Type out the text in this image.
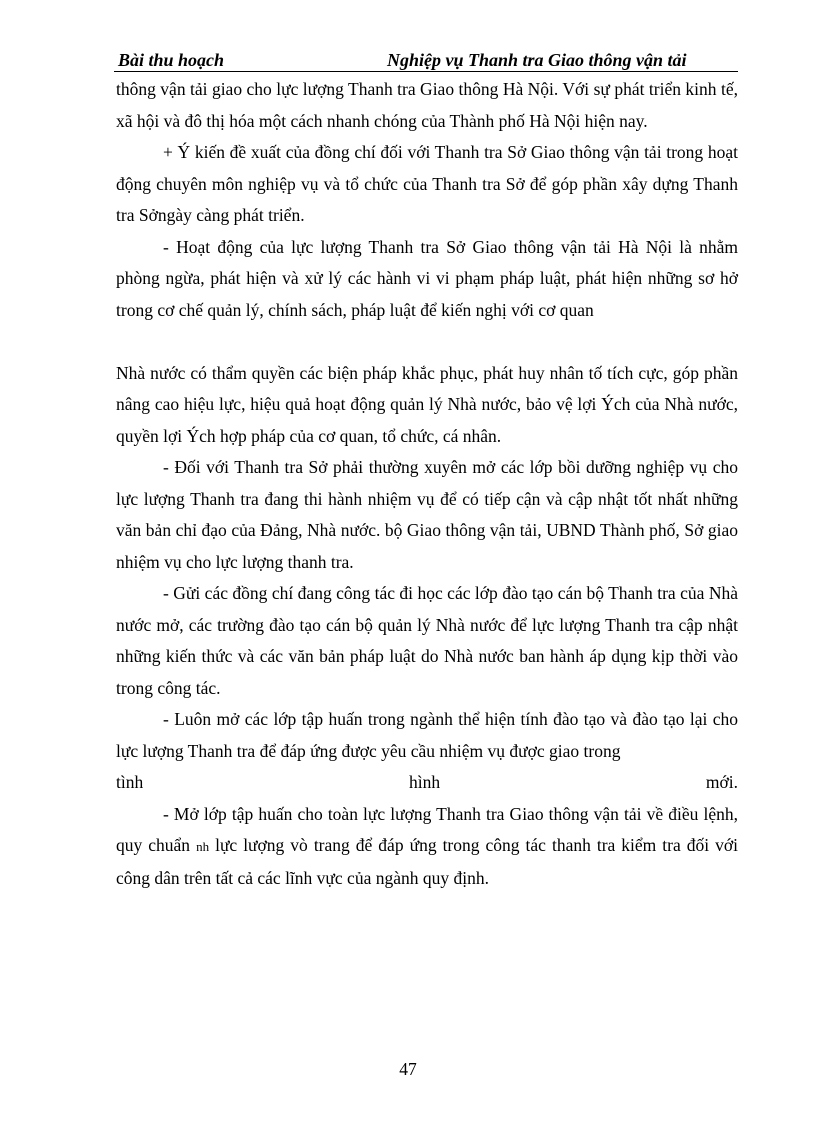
Bài thu hoạch	Nghiệp vụ Thanh tra Giao thông vận tải

thông vận tải giao cho lực lượng Thanh tra Giao thông Hà Nội. Với sự phát triển kinh tế, xã hội và đô thị hóa một cách nhanh chóng của Thành phố Hà Nội hiện nay.

+ Ý kiến đề xuất của đồng chí đối với Thanh tra Sở Giao thông vận tải trong hoạt động chuyên môn nghiệp vụ và tổ chức của Thanh tra Sở để góp phần xây dựng Thanh tra Sởngày càng phát triển.

- Hoạt động của lực lượng Thanh tra Sở Giao thông vận tải Hà Nội là nhằm phòng ngừa, phát hiện và xử lý các hành vi vi phạm pháp luật, phát hiện những sơ hở trong cơ chế quản lý, chính sách, pháp luật để kiến nghị với cơ quan

Nhà nước có thẩm quyền các biện pháp khắc phục, phát huy nhân tố tích cực, góp phần nâng cao hiệu lực, hiệu quả hoạt động quản lý Nhà nước, bảo vệ lợi Ých của Nhà nước, quyền lợi Ých hợp pháp của cơ quan, tổ chức, cá nhân.

- Đối với Thanh tra Sở phải thường xuyên mở các lớp bồi dưỡng nghiệp vụ cho lực lượng Thanh tra đang thi hành nhiệm vụ để có tiếp cận và cập nhật tốt nhất những văn bản chỉ đạo của Đảng, Nhà nước. bộ Giao thông vận tải, UBND Thành phố, Sở giao nhiệm vụ cho lực lượng thanh tra.

- Gửi các đồng chí đang công tác đi học các lớp đào tạo cán bộ Thanh tra của Nhà nước mở, các trường đào tạo cán bộ quản lý Nhà nước để lực lượng Thanh tra cập nhật những kiến thức và các văn bản pháp luật do Nhà nước ban hành áp dụng kịp thời vào trong công tác.

- Luôn mở các lớp tập huấn trong ngành thể hiện tính đào tạo và đào tạo lại cho lực lượng Thanh tra để đáp ứng được yêu cầu nhiệm vụ được giao trong

tình hình mới.

- Mở lớp tập huấn cho toàn lực lượng Thanh tra Giao thông vận tải về điều lệnh, quy chuẩn nh lực lượng vò trang để đáp ứng trong công tác thanh tra kiểm tra đối với công dân trên tất cả các lĩnh vực của ngành quy định.

47
